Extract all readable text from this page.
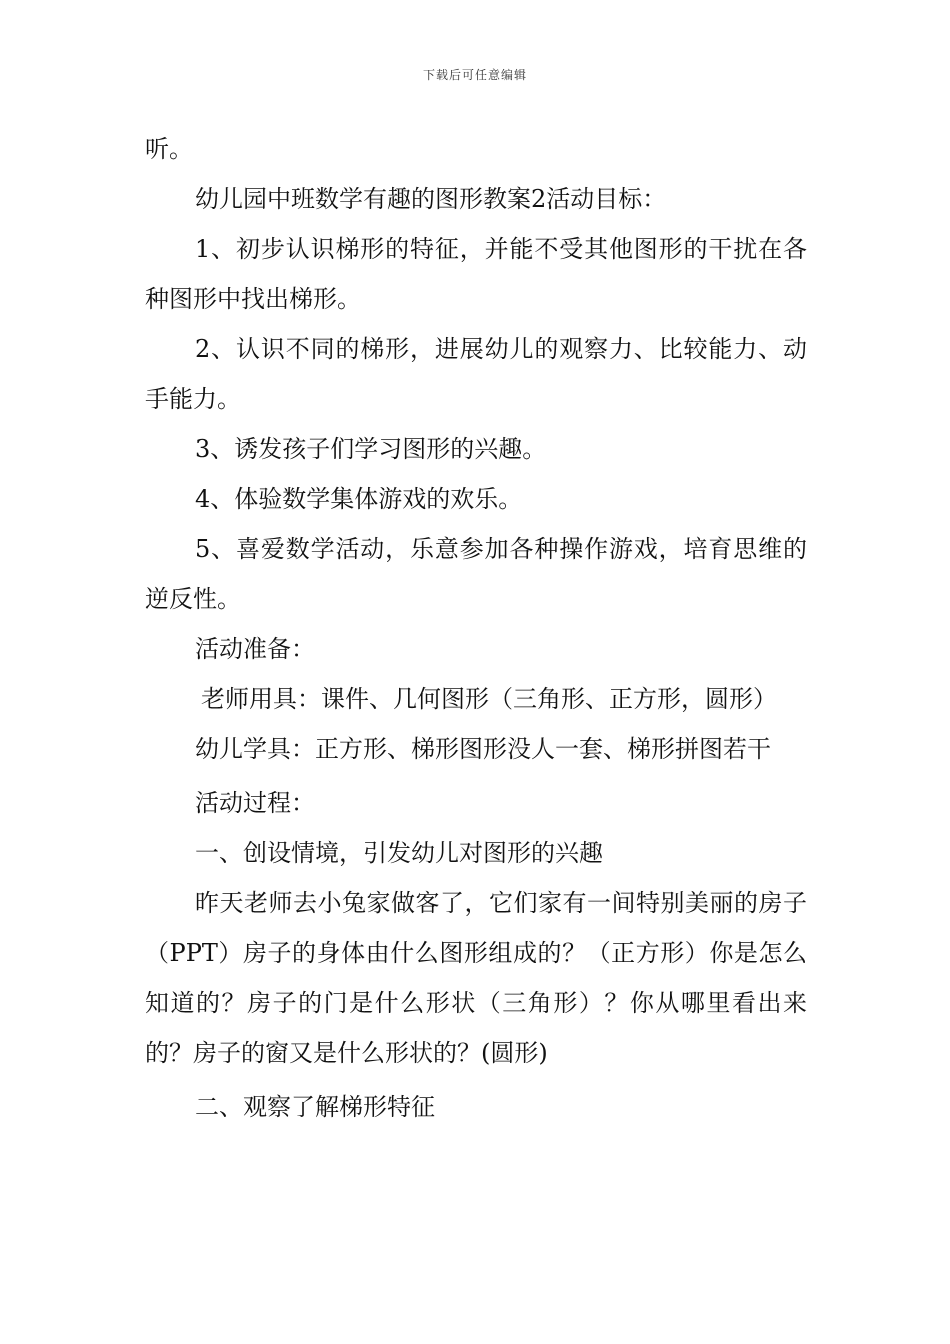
下载后可任意编辑

听。

幼儿园中班数学有趣的图形教案2活动目标：

1、初步认识梯形的特征，并能不受其他图形的干扰在各种图形中找出梯形。

2、认识不同的梯形，进展幼儿的观察力、比较能力、动手能力。

3、诱发孩子们学习图形的兴趣。

4、体验数学集体游戏的欢乐。

5、喜爱数学活动，乐意参加各种操作游戏，培育思维的逆反性。

活动准备：

老师用具：课件、几何图形（三角形、正方形，圆形）

幼儿学具：正方形、梯形图形没人一套、梯形拼图若干

活动过程：

一、创设情境，引发幼儿对图形的兴趣

昨天老师去小兔家做客了，它们家有一间特别美丽的房子（PPT）房子的身体由什么图形组成的？（正方形）你是怎么知道的？房子的门是什么形状（三角形）？你从哪里看出来的？房子的窗又是什么形状的？(圆形)

二、观察了解梯形特征
